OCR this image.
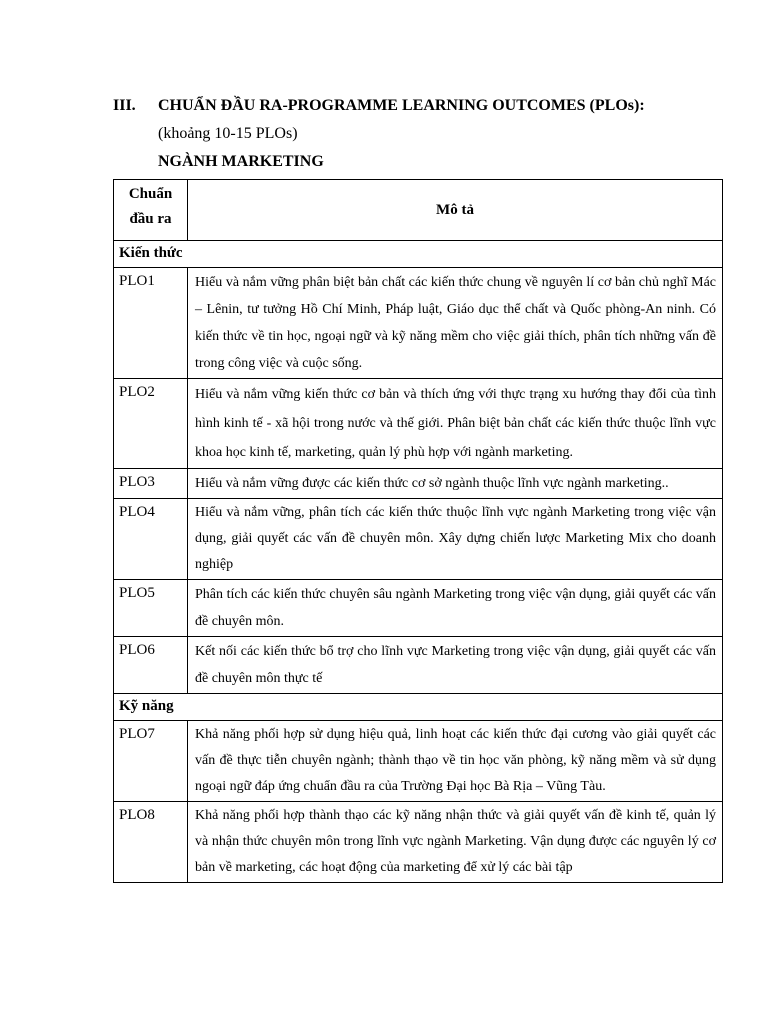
III.	CHUẨN ĐẦU RA-PROGRAMME LEARNING OUTCOMES (PLOs):
(khoảng 10-15 PLOs)
NGÀNH MARKETING
Chuẩn
đầu ra	Mô tả
Kiến thức	
PLO1	Hiểu và nắm vững phân biệt bản chất các kiến thức chung về nguyên lí cơ bản chủ nghĩ Mác – Lênin, tư tưởng Hồ Chí Minh, Pháp luật, Giáo dục thể chất và Quốc phòng-An ninh. Có kiến thức về tin học, ngoại ngữ và kỹ năng mềm cho việc giải thích, phân tích những vấn đề trong công việc và cuộc sống.
PLO2	Hiểu và nắm vững kiến thức cơ bản và thích ứng với thực trạng xu hướng thay đổi của tình hình kinh tế - xã hội trong nước và thế giới. Phân biệt bản chất các kiến thức thuộc lĩnh vực khoa học kinh tế, marketing, quản lý phù hợp với ngành marketing.
PLO3	Hiểu và nắm vững được các kiến thức cơ sở ngành thuộc lĩnh vực ngành marketing..
PLO4	Hiểu và nắm vững, phân tích các kiến thức thuộc lĩnh vực ngành Marketing trong việc vận dụng, giải quyết các vấn đề chuyên môn. Xây dựng chiến lược Marketing Mix cho doanh nghiệp
PLO5	Phân tích các kiến thức chuyên sâu ngành Marketing trong việc vận dụng, giải quyết các vấn đề chuyên môn.
PLO6	Kết nối các kiến thức bổ trợ cho lĩnh vực Marketing trong việc vận dụng, giải quyết các vấn đề chuyên môn thực tế
Kỹ năng	
PLO7	Khả năng phối hợp sử dụng hiệu quả, linh hoạt các kiến thức đại cương vào giải quyết các vấn đề thực tiễn chuyên ngành; thành thạo về tin học văn phòng, kỹ năng mềm và sử dụng ngoại ngữ đáp ứng chuẩn đầu ra của Trường Đại học Bà Rịa – Vũng Tàu.
PLO8	Khả năng phối hợp thành thạo các kỹ năng nhận thức và giải quyết vấn đề kinh tế, quản lý và nhận thức chuyên môn trong lĩnh vực ngành Marketing. Vận dụng được các nguyên lý cơ bản về marketing, các hoạt động của marketing để xử lý các bài tập
